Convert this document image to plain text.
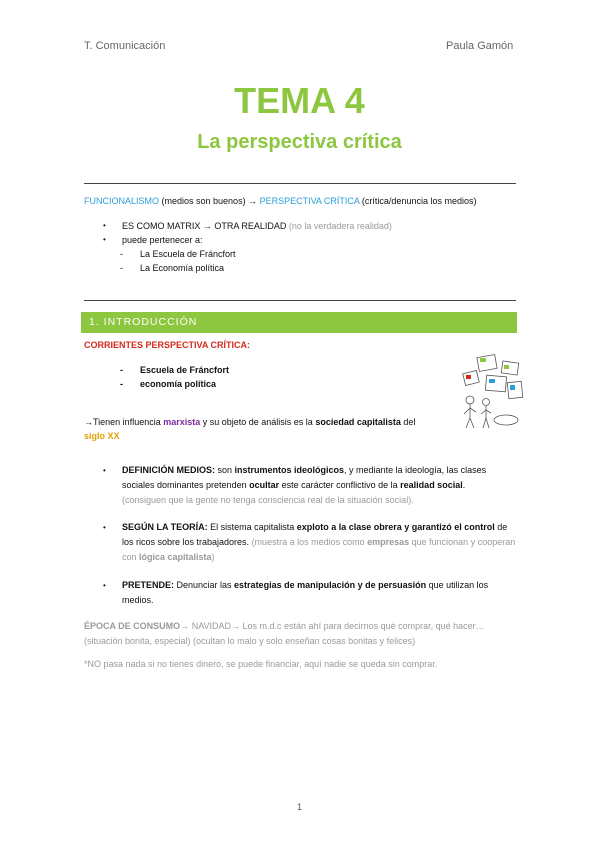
T. Comunicación	Paula Gamón
TEMA 4
La perspectiva crítica
FUNCIONALISMO (medios son buenos) → PERSPECTIVA CRÍTICA (crítica/denuncia los medios)
• ES COMO MATRIX → OTRA REALIDAD (no la verdadera realidad)
• puede pertenecer a:
- La Escuela de Fráncfort
- La Economía política
1. INTRODUCCIÓN
CORRIENTES PERSPECTIVA CRÍTICA:
- Escuela de Fráncfort
- economía política
→Tienen influencia marxista y su objeto de análisis es la sociedad capitalista del
siglo XX
• DEFINICIÓN MEDIOS: son instrumentos ideológicos, y mediante la ideología, las clases sociales dominantes pretenden ocultar este carácter conflictivo de la realidad social.
(consiguen que la gente no tenga consciencia real de la situación social).
• SEGÚN LA TEORÍA: El sistema capitalista exploto a la clase obrera y garantizó el control de los ricos sobre los trabajadores. (muestra a los medios como empresas que funcionan y cooperan con lógica capitalista)
• PRETENDE: Denunciar las estrategias de manipulación y de persuasión que utilizan los medios.
ÉPOCA DE CONSUMO→ NAVIDAD→ Los m.d.c están ahí para decirnos qué comprar, qué hacer… (situación bonita, especial) (ocultan lo malo y solo enseñan cosas bonitas y felices)
*NO pasa nada si no tienes dinero, se puede financiar, aquí nadie se queda sin comprar.
1
